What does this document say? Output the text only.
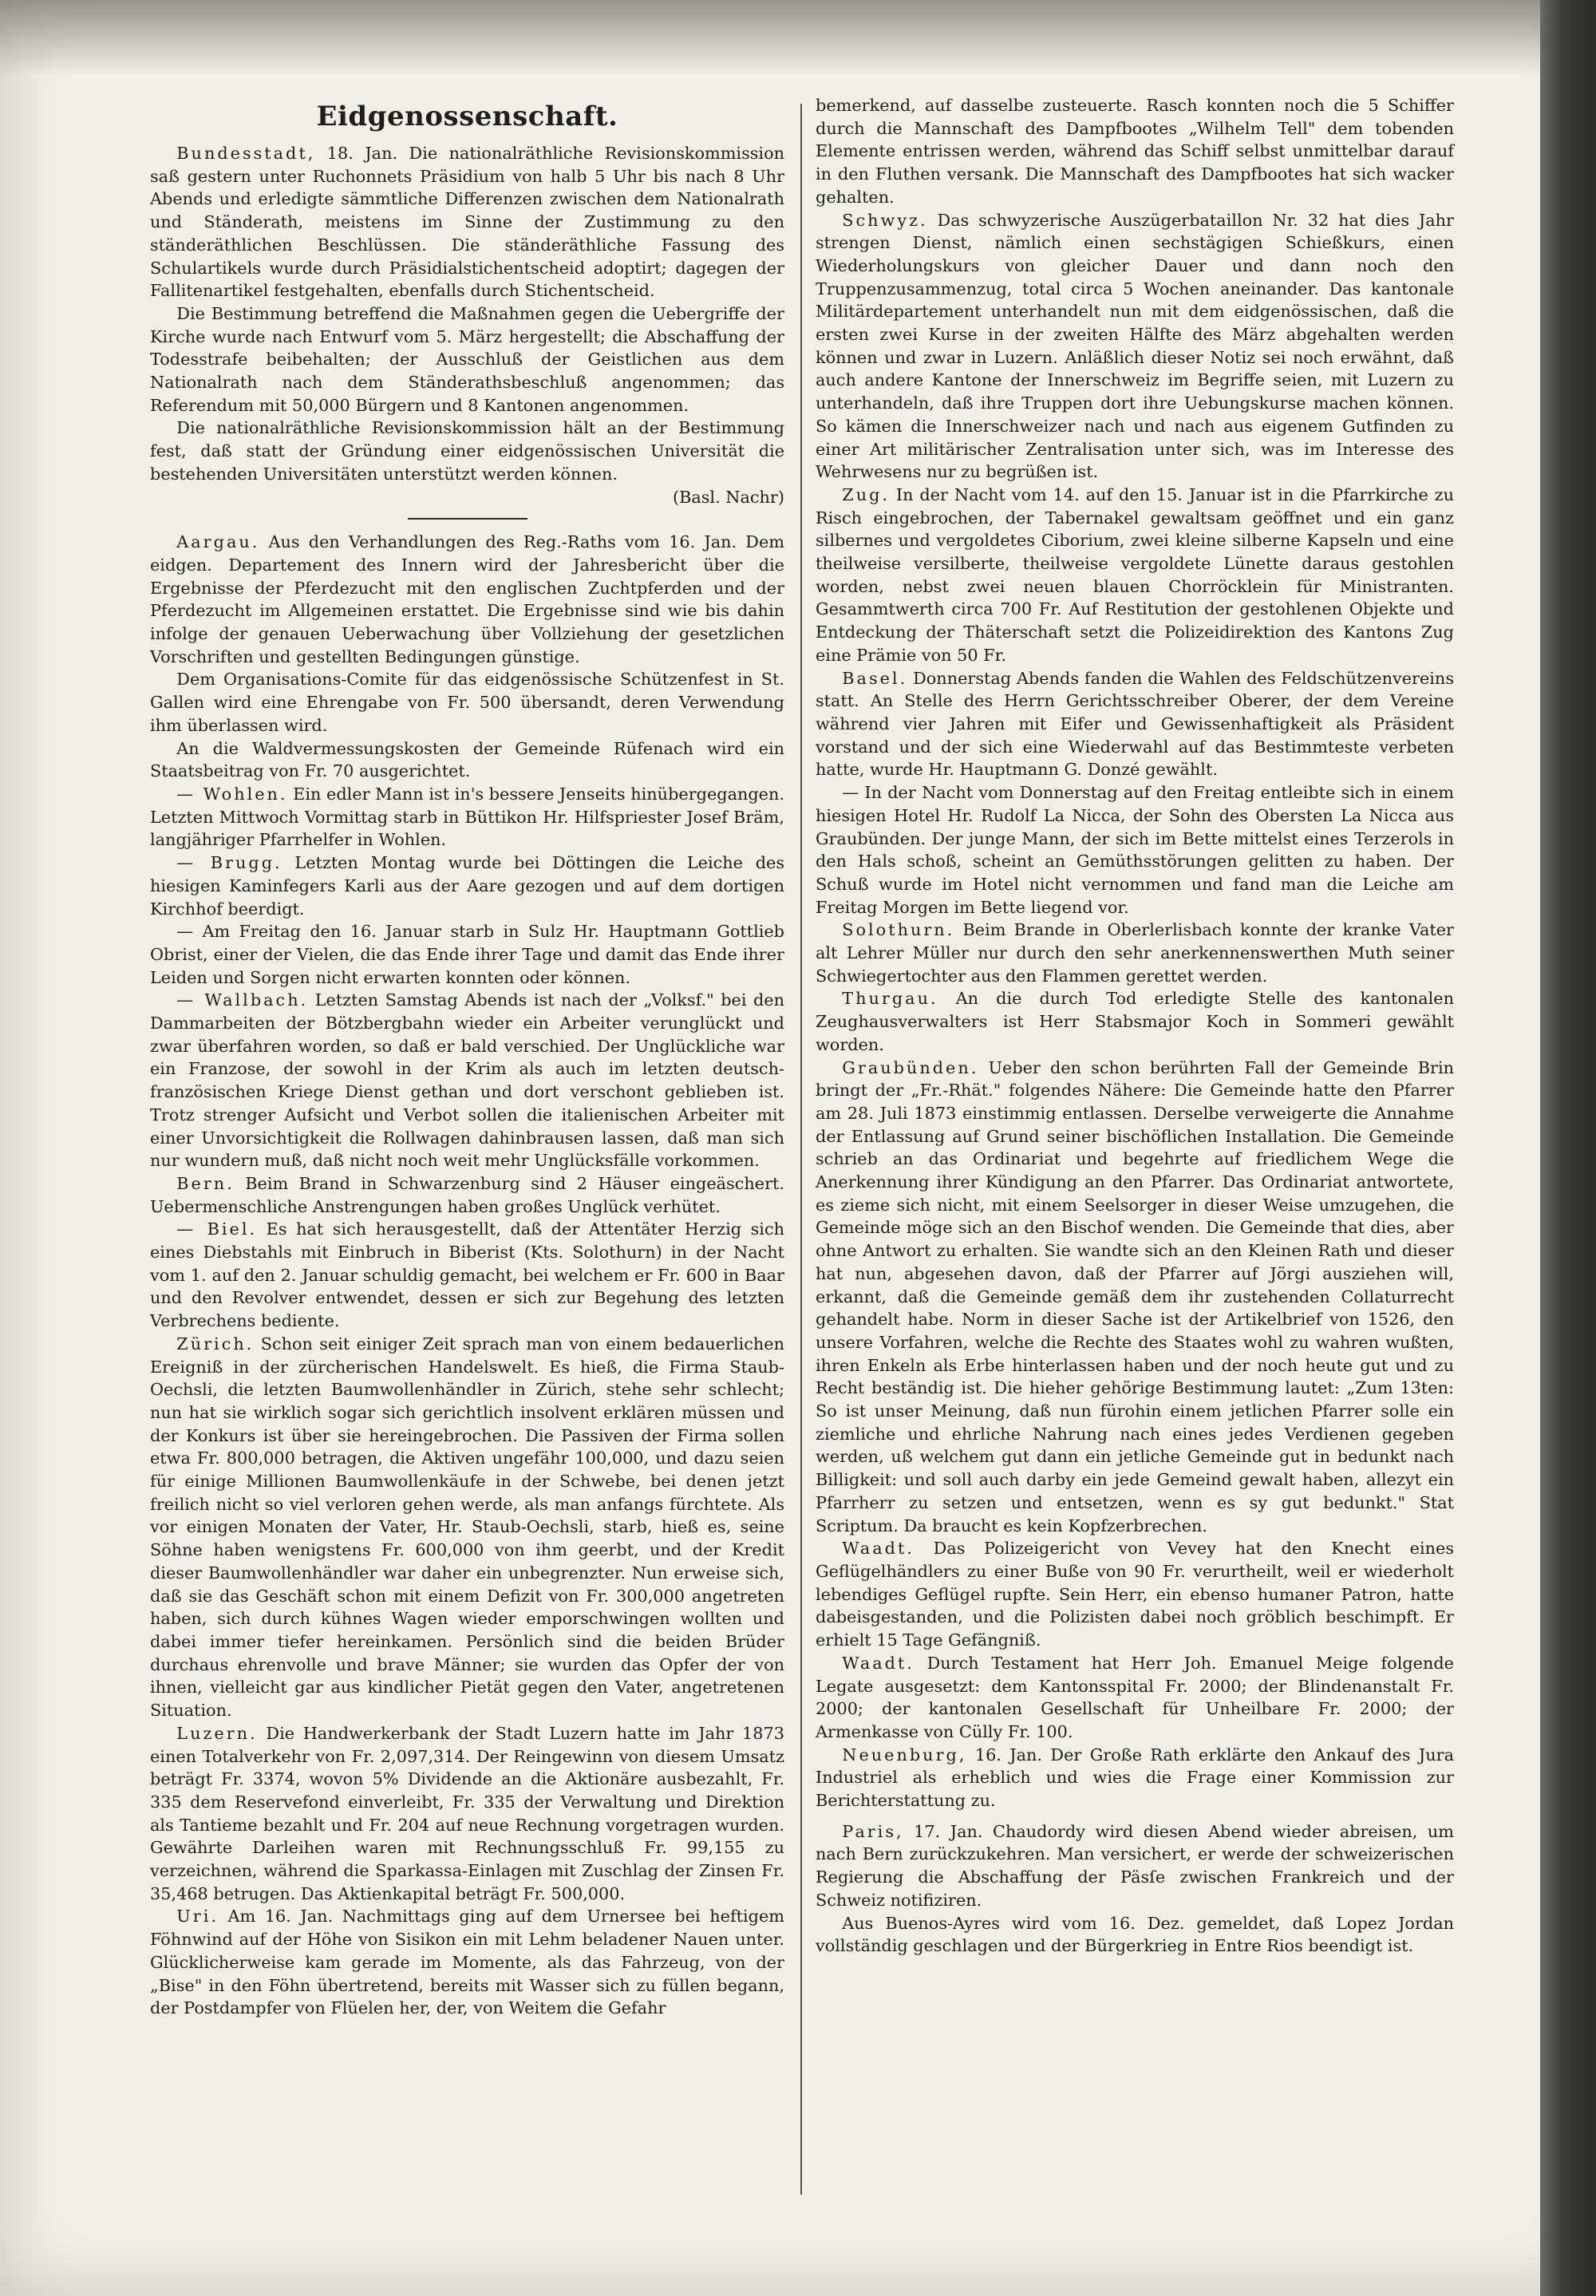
Eidgenossenschaft.

Bundesstadt, 18. Jan. Die nationalräthliche Revisionskommission saß gestern unter Ruchonnets Präsidium von halb 5 Uhr bis nach 8 Uhr Abends und erledigte sämmtliche Differenzen zwischen dem Nationalrath und Ständerath, meistens im Sinne der Zustimmung zu den ständeräthlichen Beschlüssen. Die ständeräthliche Fassung des Schulartikels wurde durch Präsidialstichentscheid adoptirt; dagegen der Fallitenartikel festgehalten, ebenfalls durch Stichentscheid.

Die Bestimmung betreffend die Maßnahmen gegen die Uebergriffe der Kirche wurde nach Entwurf vom 5. März hergestellt; die Abschaffung der Todesstrafe beibehalten; der Ausschluß der Geistlichen aus dem Nationalrath nach dem Ständerathsbeschluß angenommen; das Referendum mit 50,000 Bürgern und 8 Kantonen angenommen.

Die nationalräthliche Revisionskommission hält an der Bestimmung fest, daß statt der Gründung einer eidgenössischen Universität die bestehenden Universitäten unterstützt werden können.
(Basl. Nachr)

Aargau. Aus den Verhandlungen des Reg.-Raths vom 16. Jan. Dem eidgen. Departement des Innern wird der Jahresbericht über die Ergebnisse der Pferdezucht mit den englischen Zuchtpferden und der Pferdezucht im Allgemeinen erstattet. Die Ergebnisse sind wie bis dahin infolge der genauen Ueberwachung über Vollziehung der gesetzlichen Vorschriften und gestellten Bedingungen günstige.

Dem Organisations-Comite für das eidgenössische Schützenfest in St. Gallen wird eine Ehrengabe von Fr. 500 übersandt, deren Verwendung ihm überlassen wird.

An die Waldvermessungskosten der Gemeinde Rüfenach wird ein Staatsbeitrag von Fr. 70 ausgerichtet.

— Wohlen. Ein edler Mann ist in's bessere Jenseits hinübergegangen. Letzten Mittwoch Vormittag starb in Büttikon Hr. Hilfspriester Josef Bräm, langjähriger Pfarrhelfer in Wohlen.

— Brugg. Letzten Montag wurde bei Döttingen die Leiche des hiesigen Kaminfegers Karli aus der Aare gezogen und auf dem dortigen Kirchhof beerdigt.

— Am Freitag den 16. Januar starb in Sulz Hr. Hauptmann Gottlieb Obrist, einer der Vielen, die das Ende ihrer Tage und damit das Ende ihrer Leiden und Sorgen nicht erwarten konnten oder können.

— Wallbach. Letzten Samstag Abends ist nach der „Volksf." bei den Dammarbeiten der Bötzbergbahn wieder ein Arbeiter verunglückt und zwar überfahren worden, so daß er bald verschied. Der Unglückliche war ein Franzose, der sowohl in der Krim als auch im letzten deutsch-französischen Kriege Dienst gethan und dort verschont geblieben ist. Trotz strenger Aufsicht und Verbot sollen die italienischen Arbeiter mit einer Unvorsichtigkeit die Rollwagen dahinbrausen lassen, daß man sich nur wundern muß, daß nicht noch weit mehr Unglücksfälle vorkommen.

Bern. Beim Brand in Schwarzenburg sind 2 Häuser eingeäschert. Uebermenschliche Anstrengungen haben großes Unglück verhütet.

— Biel. Es hat sich herausgestellt, daß der Attentäter Herzig sich eines Diebstahls mit Einbruch in Biberist (Kts. Solothurn) in der Nacht vom 1. auf den 2. Januar schuldig gemacht, bei welchem er Fr. 600 in Baar und den Revolver entwendet, dessen er sich zur Begehung des letzten Verbrechens bediente.

Zürich. Schon seit einiger Zeit sprach man von einem bedauerlichen Ereigniß in der zürcherischen Handelswelt. Es hieß, die Firma Staub-Oechsli, die letzten Baumwollenhändler in Zürich, stehe sehr schlecht; nun hat sie wirklich sogar sich gerichtlich insolvent erklären müssen und der Konkurs ist über sie hereingebrochen. Die Passiven der Firma sollen etwa Fr. 800,000 betragen, die Aktiven ungefähr 100,000, und dazu seien für einige Millionen Baumwollenkäufe in der Schwebe, bei denen jetzt freilich nicht so viel verloren gehen werde, als man anfangs fürchtete. Als vor einigen Monaten der Vater, Hr. Staub-Oechsli, starb, hieß es, seine Söhne haben wenigstens Fr. 600,000 von ihm geerbt, und der Kredit dieser Baumwollenhändler war daher ein unbegrenzter. Nun erweise sich, daß sie das Geschäft schon mit einem Defizit von Fr. 300,000 angetreten haben, sich durch kühnes Wagen wieder emporschwingen wollten und dabei immer tiefer hereinkamen. Persönlich sind die beiden Brüder durchaus ehrenvolle und brave Männer; sie wurden das Opfer der von ihnen, vielleicht gar aus kindlicher Pietät gegen den Vater, angetretenen Situation.

Luzern. Die Handwerkerbank der Stadt Luzern hatte im Jahr 1873 einen Totalverkehr von Fr. 2,097,314. Der Reingewinn von diesem Umsatz beträgt Fr. 3374, wovon 5% Dividende an die Aktionäre ausbezahlt, Fr. 335 dem Reservefond einverleibt, Fr. 335 der Verwaltung und Direktion als Tantieme bezahlt und Fr. 204 auf neue Rechnung vorgetragen wurden. Gewährte Darleihen waren mit Rechnungsschluß Fr. 99,155 zu verzeichnen, während die Sparkassa-Einlagen mit Zuschlag der Zinsen Fr. 35,468 betrugen. Das Aktienkapital beträgt Fr. 500,000.

Uri. Am 16. Jan. Nachmittags ging auf dem Urnersee bei heftigem Föhnwind auf der Höhe von Sisikon ein mit Lehm beladener Nauen unter. Glücklicherweise kam gerade im Momente, als das Fahrzeug, von der „Bise" in den Föhn übertretend, bereits mit Wasser sich zu füllen begann, der Postdampfer von Flüelen her, der, von Weitem die Gefahr

bemerkend, auf dasselbe zusteuerte. Rasch konnten noch die 5 Schiffer durch die Mannschaft des Dampfbootes „Wilhelm Tell" dem tobenden Elemente entrissen werden, während das Schiff selbst unmittelbar darauf in den Fluthen versank. Die Mannschaft des Dampfbootes hat sich wacker gehalten.

Schwyz. Das schwyzerische Auszügerbataillon Nr. 32 hat dies Jahr strengen Dienst, nämlich einen sechstägigen Schießkurs, einen Wiederholungskurs von gleicher Dauer und dann noch den Truppenzusammenzug, total circa 5 Wochen aneinander. Das kantonale Militärdepartement unterhandelt nun mit dem eidgenössischen, daß die ersten zwei Kurse in der zweiten Hälfte des März abgehalten werden können und zwar in Luzern. Anläßlich dieser Notiz sei noch erwähnt, daß auch andere Kantone der Innerschweiz im Begriffe seien, mit Luzern zu unterhandeln, daß ihre Truppen dort ihre Uebungskurse machen können. So kämen die Innerschweizer nach und nach aus eigenem Gutfinden zu einer Art militärischer Zentralisation unter sich, was im Interesse des Wehrwesens nur zu begrüßen ist.

Zug. In der Nacht vom 14. auf den 15. Januar ist in die Pfarrkirche zu Risch eingebrochen, der Tabernakel gewaltsam geöffnet und ein ganz silbernes und vergoldetes Ciborium, zwei kleine silberne Kapseln und eine theilweise versilberte, theilweise vergoldete Lünette daraus gestohlen worden, nebst zwei neuen blauen Chorröcklein für Ministranten. Gesammtwerth circa 700 Fr. Auf Restitution der gestohlenen Objekte und Entdeckung der Thäterschaft setzt die Polizeidirektion des Kantons Zug eine Prämie von 50 Fr.

Basel. Donnerstag Abends fanden die Wahlen des Feldschützenvereins statt. An Stelle des Herrn Gerichtsschreiber Oberer, der dem Vereine während vier Jahren mit Eifer und Gewissenhaftigkeit als Präsident vorstand und der sich eine Wiederwahl auf das Bestimmteste verbeten hatte, wurde Hr. Hauptmann G. Donzé gewählt.

— In der Nacht vom Donnerstag auf den Freitag entleibte sich in einem hiesigen Hotel Hr. Rudolf La Nicca, der Sohn des Obersten La Nicca aus Graubünden. Der junge Mann, der sich im Bette mittelst eines Terzerols in den Hals schoß, scheint an Gemüthsstörungen gelitten zu haben. Der Schuß wurde im Hotel nicht vernommen und fand man die Leiche am Freitag Morgen im Bette liegend vor.

Solothurn. Beim Brande in Oberlerlisbach konnte der kranke Vater alt Lehrer Müller nur durch den sehr anerkennenswerthen Muth seiner Schwiegertochter aus den Flammen gerettet werden.

Thurgau. An die durch Tod erledigte Stelle des kantonalen Zeughausverwalters ist Herr Stabsmajor Koch in Sommeri gewählt worden.

Graubünden. Ueber den schon berührten Fall der Gemeinde Brin bringt der „Fr.-Rhät." folgendes Nähere: Die Gemeinde hatte den Pfarrer am 28. Juli 1873 einstimmig entlassen. Derselbe verweigerte die Annahme der Entlassung auf Grund seiner bischöflichen Installation. Die Gemeinde schrieb an das Ordinariat und begehrte auf friedlichem Wege die Anerkennung ihrer Kündigung an den Pfarrer. Das Ordinariat antwortete, es zieme sich nicht, mit einem Seelsorger in dieser Weise umzugehen, die Gemeinde möge sich an den Bischof wenden. Die Gemeinde that dies, aber ohne Antwort zu erhalten. Sie wandte sich an den Kleinen Rath und dieser hat nun, abgesehen davon, daß der Pfarrer auf Jörgi ausziehen will, erkannt, daß die Gemeinde gemäß dem ihr zustehenden Collaturrecht gehandelt habe. Norm in dieser Sache ist der Artikelbrief von 1526, den unsere Vorfahren, welche die Rechte des Staates wohl zu wahren wußten, ihren Enkeln als Erbe hinterlassen haben und der noch heute gut und zu Recht beständig ist. Die hieher gehörige Bestimmung lautet: „Zum 13ten: So ist unser Meinung, daß nun fürohin einem jetlichen Pfarrer solle ein ziemliche und ehrliche Nahrung nach eines jedes Verdienen gegeben werden, uß welchem gut dann ein jetliche Gemeinde gut in bedunkt nach Billigkeit: und soll auch darby ein jede Gemeind gewalt haben, allezyt ein Pfarrherr zu setzen und entsetzen, wenn es sy gut bedunkt." Stat Scriptum. Da braucht es kein Kopfzerbrechen.

Waadt. Das Polizeigericht von Vevey hat den Knecht eines Geflügelhändlers zu einer Buße von 90 Fr. verurtheilt, weil er wiederholt lebendiges Geflügel rupfte. Sein Herr, ein ebenso humaner Patron, hatte dabeisgestanden, und die Polizisten dabei noch gröblich beschimpft. Er erhielt 15 Tage Gefängniß.

Waadt. Durch Testament hat Herr Joh. Emanuel Meige folgende Legate ausgesetzt: dem Kantonsspital Fr. 2000; der Blindenanstalt Fr. 2000; der kantonalen Gesellschaft für Unheilbare Fr. 2000; der Armenkasse von Cülly Fr. 100.

Neuenburg, 16. Jan. Der Große Rath erklärte den Ankauf des Jura Industriel als erheblich und wies die Frage einer Kommission zur Berichterstattung zu.

Paris, 17. Jan. Chaudordy wird diesen Abend wieder abreisen, um nach Bern zurückzukehren. Man versichert, er werde der schweizerischen Regierung die Abschaffung der Päsſe zwischen Frankreich und der Schweiz notifiziren.

Aus Buenos-Ayres wird vom 16. Dez. gemeldet, daß Lopez Jordan vollständig geschlagen und der Bürgerkrieg in Entre Rios beendigt ist.
